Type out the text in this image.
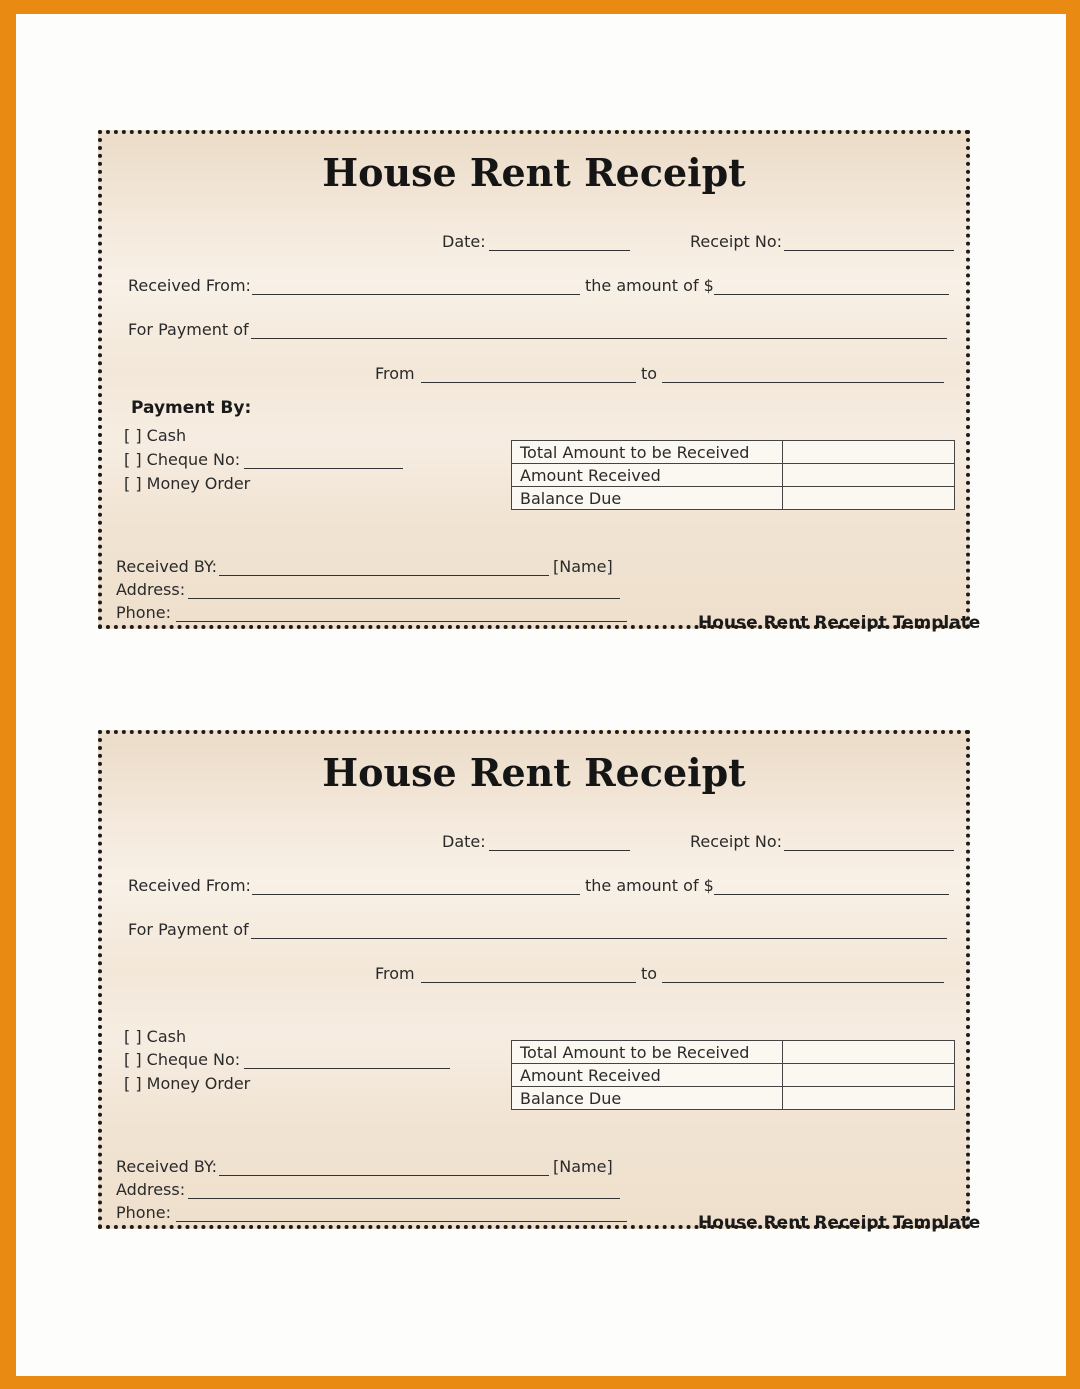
House Rent Receipt
Date:	Receipt No:
Received From:	the amount of $
For Payment of
From	to
Payment By:
[ ] Cash
[ ] Cheque No:
[ ] Money Order
Total Amount to be Received	
Amount Received	
Balance Due	
Received BY:	[Name]
Address:
Phone:
House Rent Receipt Template
House Rent Receipt
Date:	Receipt No:
Received From:	the amount of $
For Payment of
From	to
[ ] Cash
[ ] Cheque No:
[ ] Money Order
Total Amount to be Received	
Amount Received	
Balance Due	
Received BY:	[Name]
Address:
Phone:
House Rent Receipt Template
